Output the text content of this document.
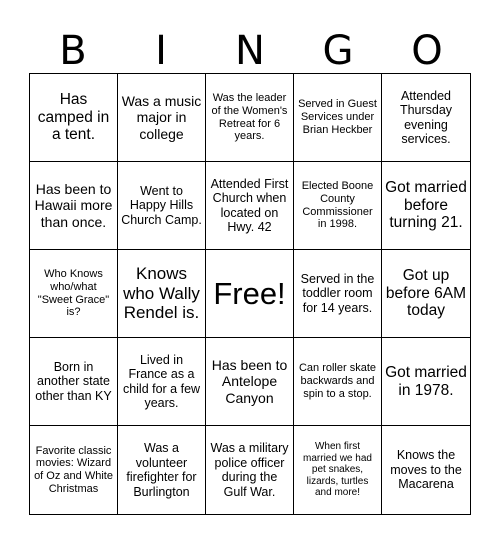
B	I	N	G	O
Has camped in a tent.
Was a music major in college
Was the leader of the Women's Retreat for 6 years.
Served in Guest Services under Brian Heckber
Attended Thursday evening services.
Has been to Hawaii more than once.
Went to Happy Hills Church Camp.
Attended First Church when located on Hwy. 42
Elected Boone County Commissioner in 1998.
Got married before turning 21.
Who Knows who/what "Sweet Grace" is?
Knows who Wally Rendel is.
Free!	Served in the toddler room for 14 years.
Got up before 6AM today
Born in another state other than KY
Lived in France as a child for a few years.
Has been to Antelope Canyon
Can roller skate backwards and spin to a stop.
Got married in 1978.
Favorite classic movies: Wizard of Oz and White Christmas
Was a volunteer firefighter for Burlington
Was a military police officer during the Gulf War.
When first married we had pet snakes, lizards, turtles and more!
Knows the moves to the Macarena
